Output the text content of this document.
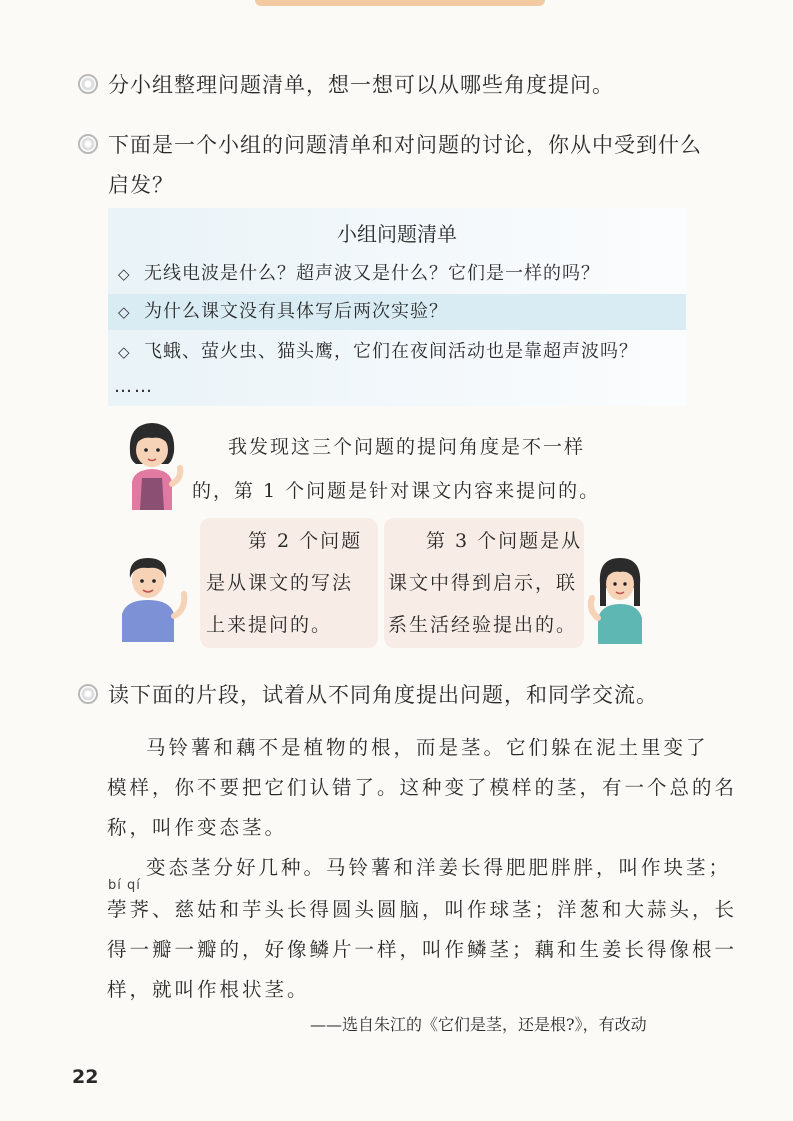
分小组整理问题清单，想一想可以从哪些角度提问。
下面是一个小组的问题清单和对问题的讨论，你从中受到什么
启发？
小组问题清单
◇ 无线电波是什么？超声波又是什么？它们是一样的吗？
◇ 为什么课文没有具体写后两次实验？
◇ 飞蛾、萤火虫、猫头鹰，它们在夜间活动也是靠超声波吗？
……
我发现这三个问题的提问角度是不一样
的，第 1 个问题是针对课文内容来提问的。
第 2 个问题
是从课文的写法
上来提问的。
第 3 个问题是从
课文中得到启示，联
系生活经验提出的。
读下面的片段，试着从不同角度提出问题，和同学交流。
马铃薯和藕不是植物的根，而是茎。它们躲在泥土里变了
模样，你不要把它们认错了。这种变了模样的茎，有一个总的名
称，叫作变态茎。
变态茎分好几种。马铃薯和洋姜长得肥肥胖胖，叫作块茎；
bí qí
荸荠、慈姑和芋头长得圆头圆脑，叫作球茎；洋葱和大蒜头，长
得一瓣一瓣的，好像鳞片一样，叫作鳞茎；藕和生姜长得像根一
样，就叫作根状茎。
——选自朱江的《它们是茎，还是根?》，有改动
22
